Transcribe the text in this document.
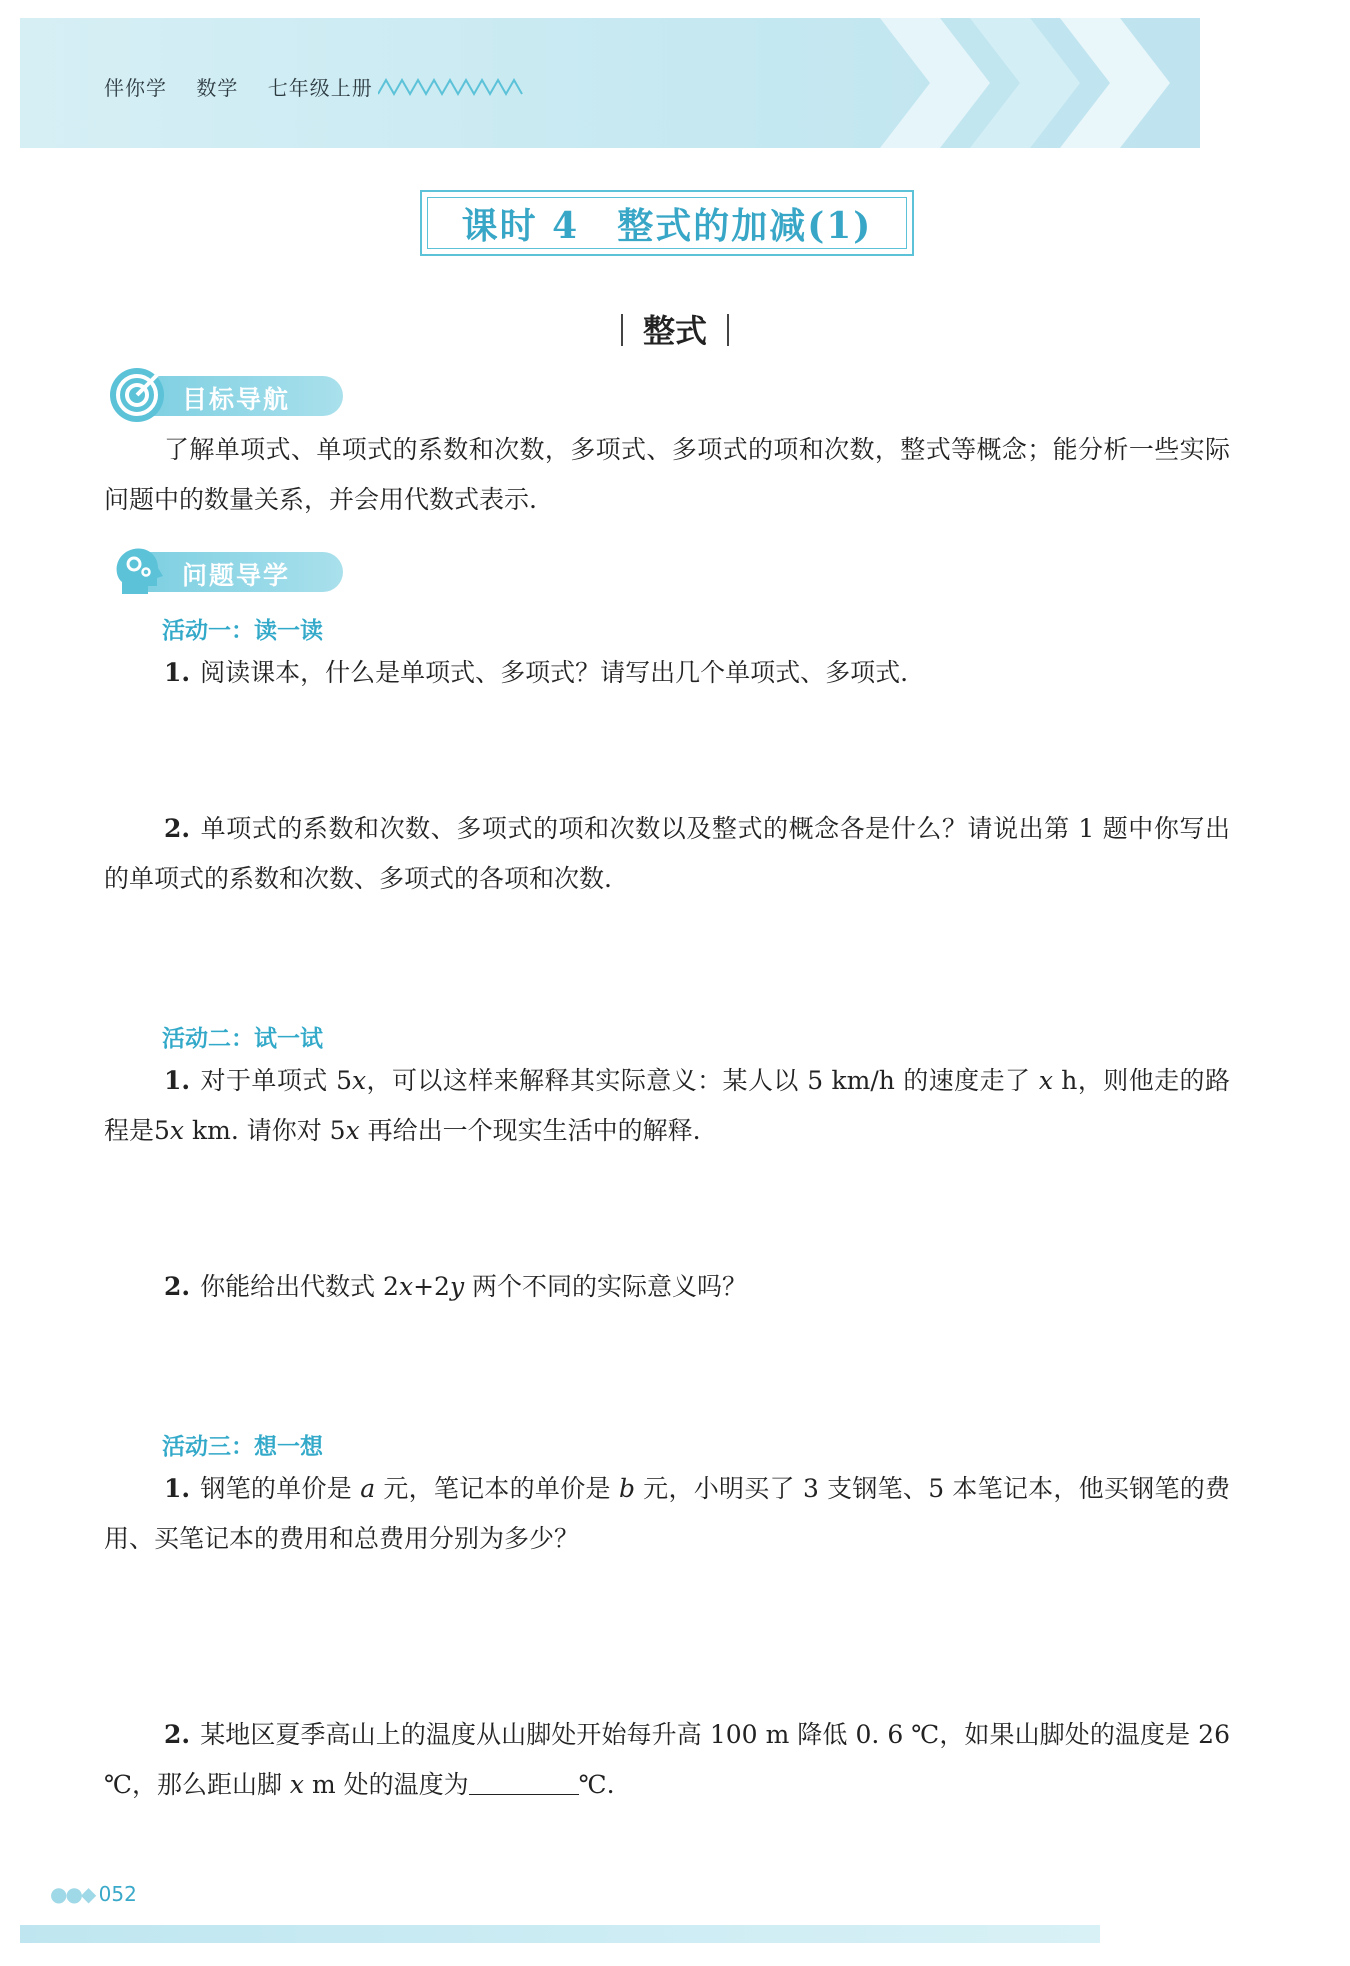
伴你学 数学 七年级上册
课时 4　整式的加减(1)
整式
目标导航
了解单项式、单项式的系数和次数，多项式、多项式的项和次数，整式等概念；能分析一些实际问题中的数量关系，并会用代数式表示.
问题导学
活动一：读一读
1. 阅读课本，什么是单项式、多项式？请写出几个单项式、多项式.
2. 单项式的系数和次数、多项式的项和次数以及整式的概念各是什么？请说出第 1 题中你写出的单项式的系数和次数、多项式的各项和次数.
活动二：试一试
1. 对于单项式 5x，可以这样来解释其实际意义：某人以 5 km/h 的速度走了 x h，则他走的路程是5x km. 请你对 5x 再给出一个现实生活中的解释.
2. 你能给出代数式 2x+2y 两个不同的实际意义吗？
活动三：想一想
1. 钢笔的单价是 a 元，笔记本的单价是 b 元，小明买了 3 支钢笔、5 本笔记本，他买钢笔的费用、买笔记本的费用和总费用分别为多少？
2. 某地区夏季高山上的温度从山脚处开始每升高 100 m 降低 0. 6 ℃，如果山脚处的温度是 26 ℃，那么距山脚 x m 处的温度为	℃.
●●◆ 052
